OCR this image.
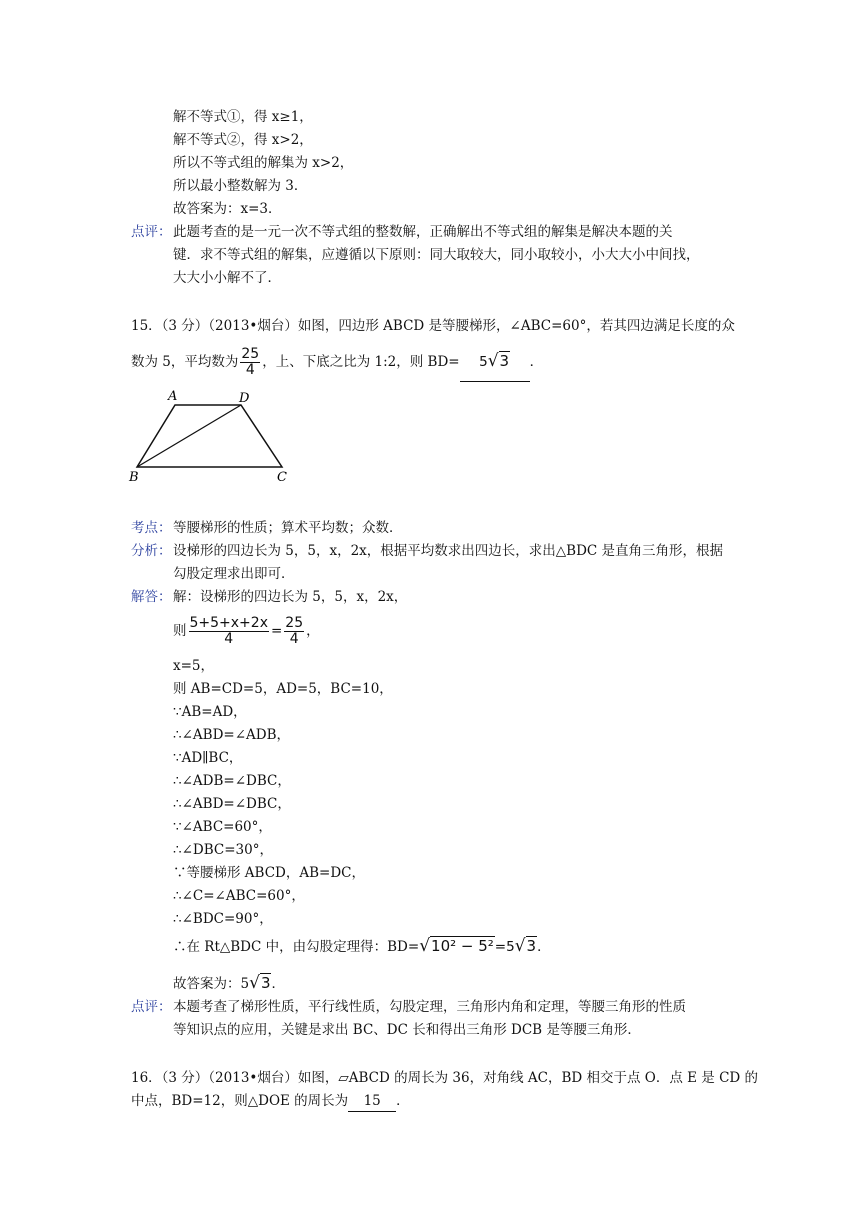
解不等式①，得 x≥1，
解不等式②，得 x>2，
所以不等式组的解集为 x>2，
所以最小整数解为 3．
故答案为：x=3．
点评： 此题考查的是一元一次不等式组的整数解，正确解出不等式组的解集是解决本题的关
键．求不等式组的解集，应遵循以下原则：同大取较大，同小取较小，小大大小中间找，
大大小小解不了．
15．（3 分）（2013•烟台）如图，四边形 ABCD 是等腰梯形，∠ABC=60°，若其四边满足长度的众
数为 5，平均数为 $\frac{25}{4}$ ，上、下底之比为 1:2，则 BD= 5√3 ．
A	D
B	C
考点： 等腰梯形的性质；算术平均数；众数．
分析： 设梯形的四边长为 5，5，x，2x，根据平均数求出四边长，求出△BDC 是直角三角形，根据
勾股定理求出即可．
解答： 解：设梯形的四边长为 5，5，x，2x，
则 $\frac{5+5+x+2x}{4} = \frac{25}{4}$ ，
x=5，
则 AB=CD=5，AD=5，BC=10，
∵AB=AD，
∴∠ABD=∠ADB，
∵AD∥BC，
∴∠ADB=∠DBC，
∴∠ABD=∠DBC，
∵∠ABC=60°，
∴∠DBC=30°，
∵等腰梯形 ABCD，AB=DC，
∴∠C=∠ABC=60°，
∴∠BDC=90°，
∴在 Rt△BDC 中，由勾股定理得：BD=√10² − 5²=5√3．
故答案为：5√3．
点评： 本题考查了梯形性质，平行线性质，勾股定理，三角形内角和定理，等腰三角形的性质
等知识点的应用，关键是求出 BC、DC 长和得出三角形 DCB 是等腰三角形．
16．（3 分）（2013•烟台）如图，▱ABCD 的周长为 36，对角线 AC，BD 相交于点 O．点 E 是 CD 的
中点，BD=12，则△DOE 的周长为 15 ．
